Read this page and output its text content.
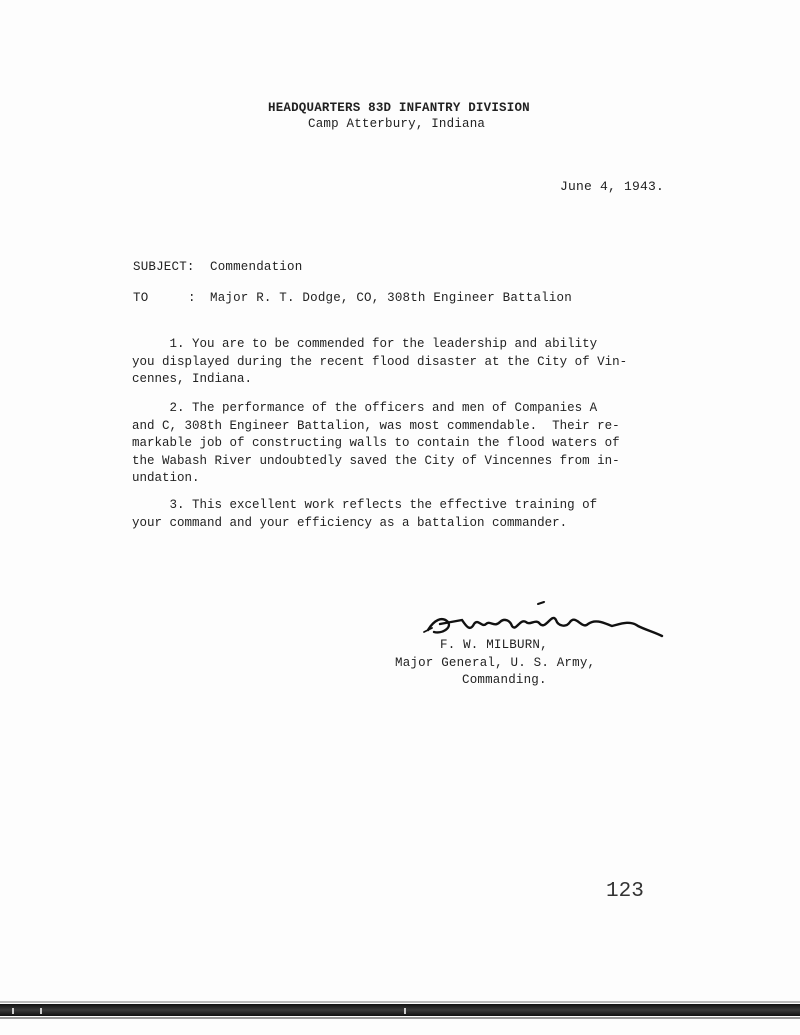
HEADQUARTERS 83D INFANTRY DIVISION
Camp Atterbury, Indiana
June 4, 1943.
SUBJECT: Commendation
TO	: Major R. T. Dodge, CO, 308th Engineer Battalion
1. You are to be commended for the leadership and ability
you displayed during the recent flood disaster at the City of Vin-
cennes, Indiana.
2. The performance of the officers and men of Companies A
and C, 308th Engineer Battalion, was most commendable.  Their re-
markable job of constructing walls to contain the flood waters of
the Wabash River undoubtedly saved the City of Vincennes from in-
undation.
3. This excellent work reflects the effective training of
your command and your efficiency as a battalion commander.
F. W. MILBURN,
Major General, U. S. Army,
Commanding.
123
